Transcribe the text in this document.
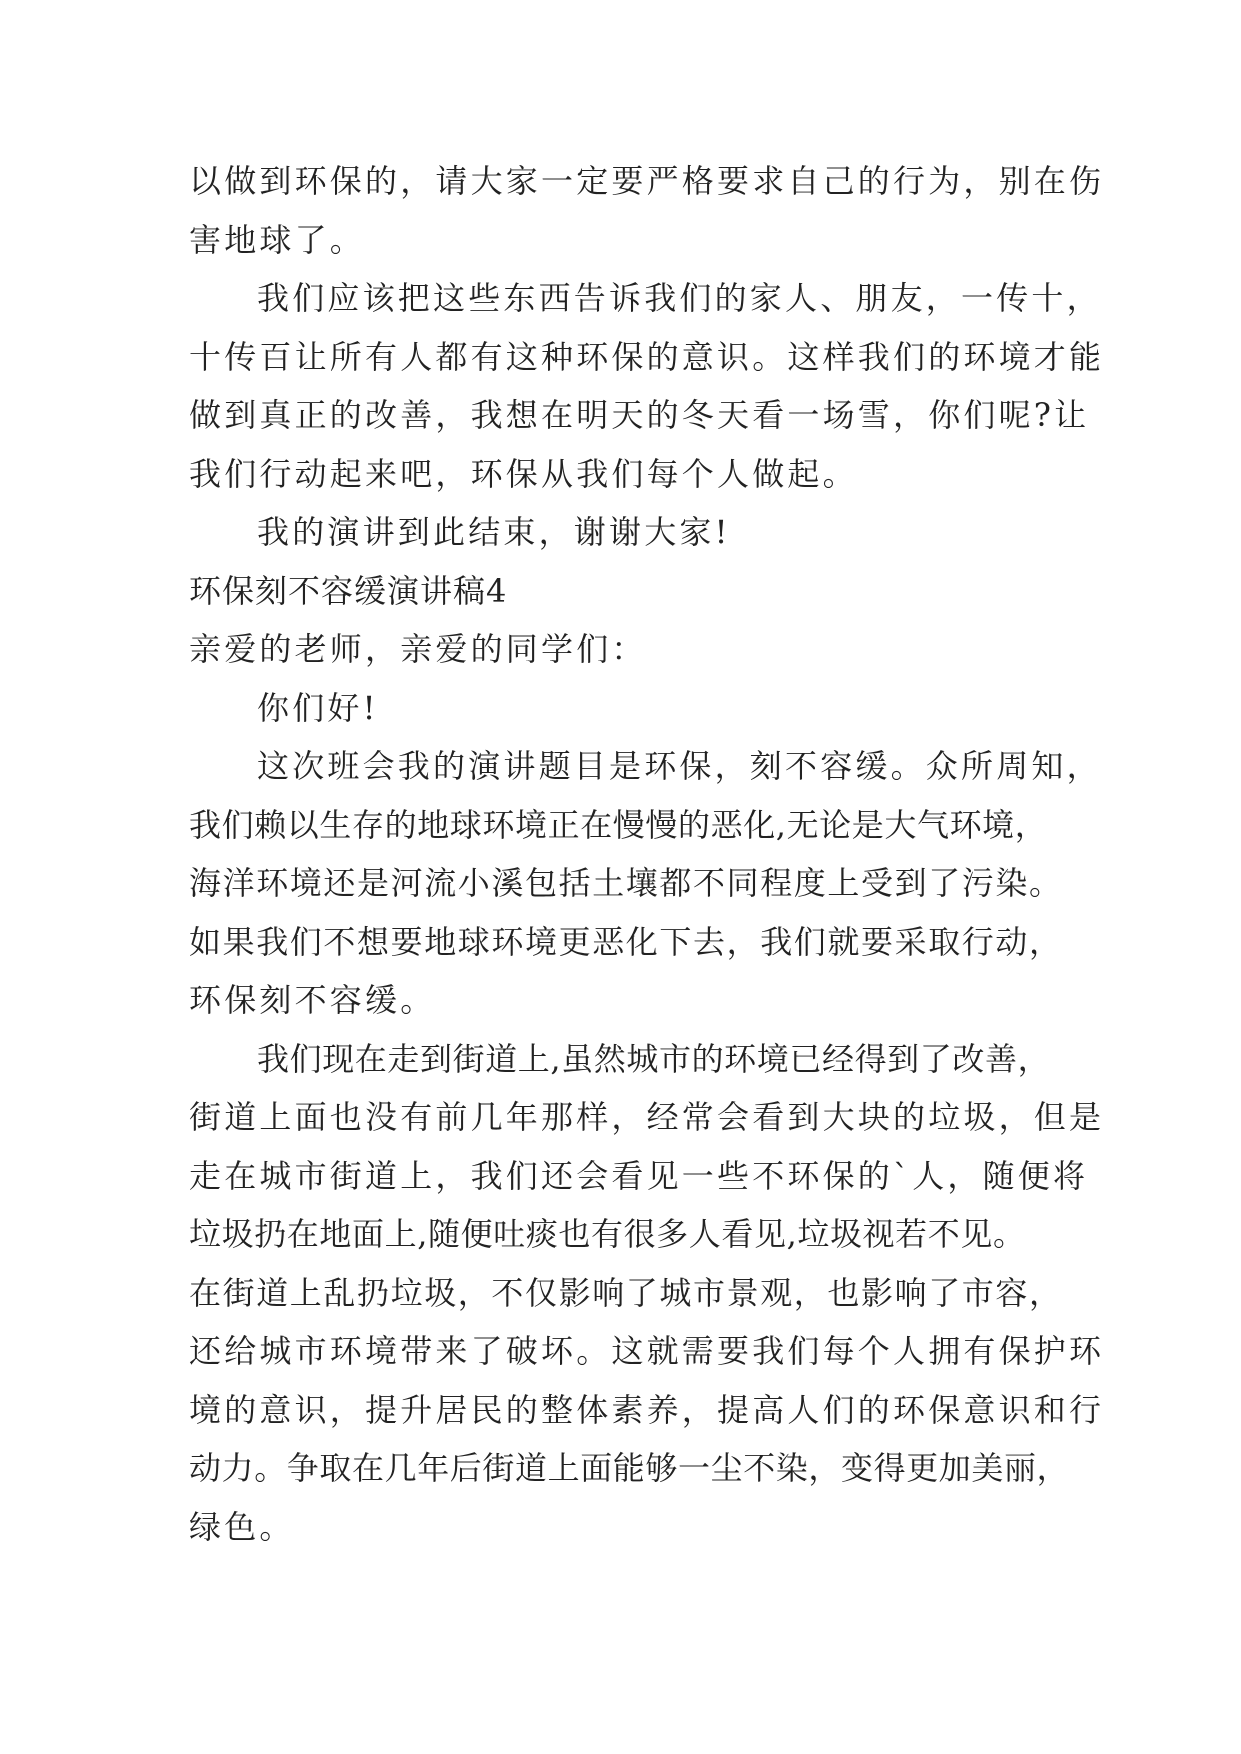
以做到环保的，请大家一定要严格要求自己的行为，别在伤

害地球了。

我们应该把这些东西告诉我们的家人、朋友，一传十，

十传百让所有人都有这种环保的意识。这样我们的环境才能

做到真正的改善，我想在明天的冬天看一场雪，你们呢?让

我们行动起来吧，环保从我们每个人做起。

我的演讲到此结束，谢谢大家!

环保刻不容缓演讲稿4

亲爱的老师，亲爱的同学们：

你们好!

这次班会我的演讲题目是环保，刻不容缓。众所周知，

我们赖以生存的地球环境正在慢慢的恶化,无论是大气环境，

海洋环境还是河流小溪包括土壤都不同程度上受到了污染。

如果我们不想要地球环境更恶化下去，我们就要采取行动，

环保刻不容缓。

我们现在走到街道上,虽然城市的环境已经得到了改善，

街道上面也没有前几年那样，经常会看到大块的垃圾，但是

走在城市街道上，我们还会看见一些不环保的`人，随便将

垃圾扔在地面上,随便吐痰也有很多人看见,垃圾视若不见。

在街道上乱扔垃圾，不仅影响了城市景观，也影响了市容，

还给城市环境带来了破坏。这就需要我们每个人拥有保护环

境的意识，提升居民的整体素养，提高人们的环保意识和行

动力。争取在几年后街道上面能够一尘不染，变得更加美丽，

绿色。
